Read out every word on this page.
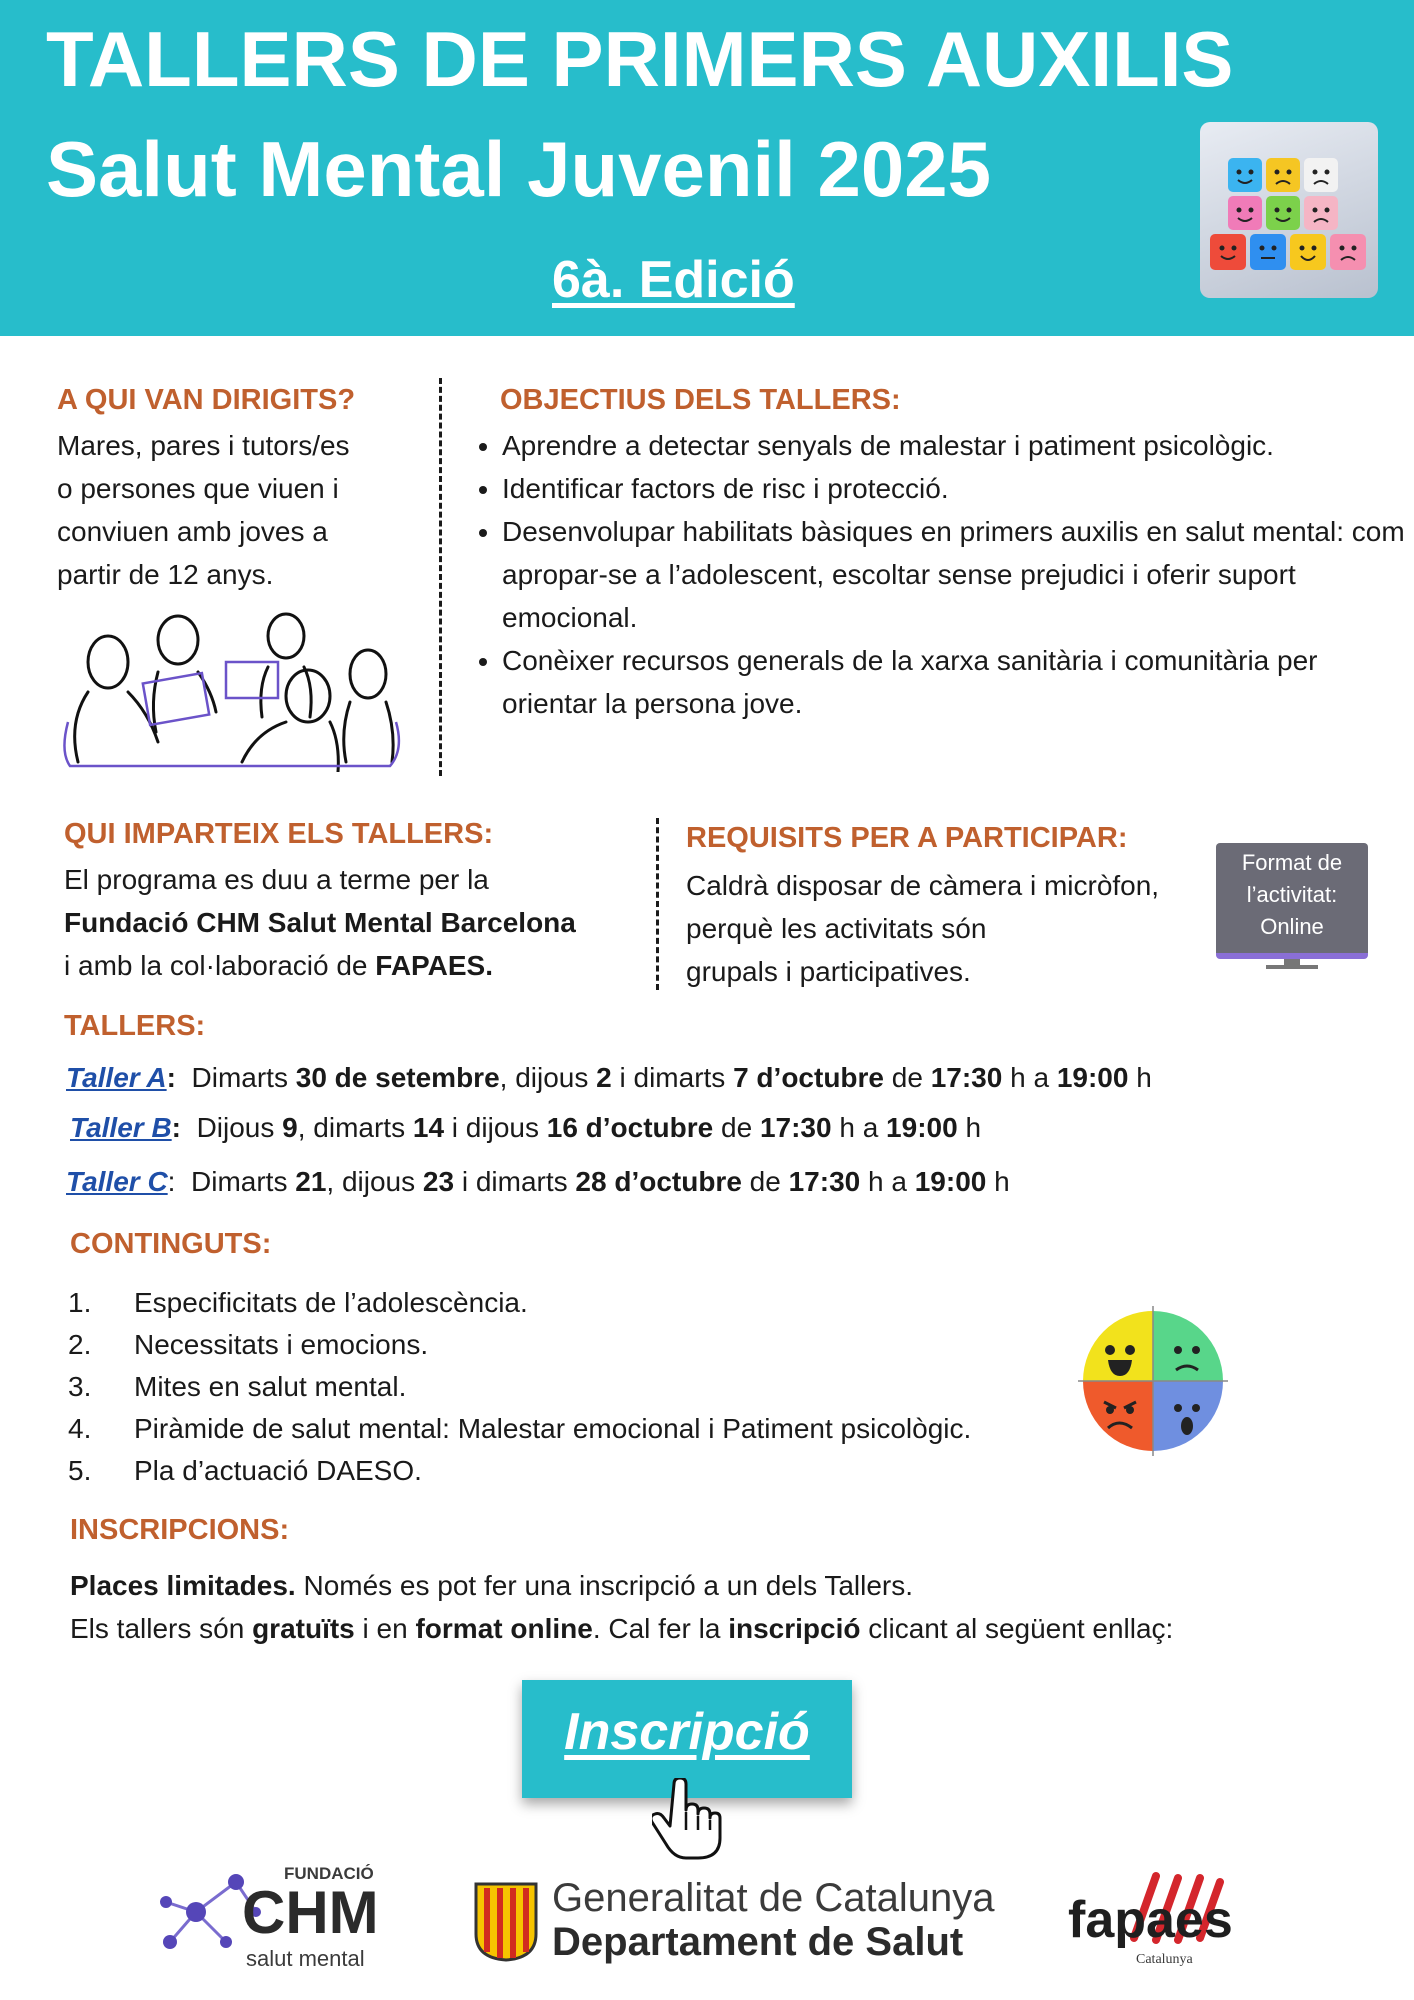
TALLERS DE PRIMERS AUXILIS
Salut Mental Juvenil 2025
6à. Edició
A QUI VAN DIRIGITS?
Mares, pares i tutors/es
o persones que viuen i
conviuen amb joves a
partir de 12 anys.
OBJECTIUS DELS TALLERS:
• Aprendre a detectar senyals de malestar i patiment psicològic.
• Identificar factors de risc i protecció.
• Desenvolupar habilitats bàsiques en primers auxilis en salut mental: com apropar-se a l’adolescent, escoltar sense prejudici i oferir suport emocional.
• Conèixer recursos generals de la xarxa sanitària i comunitària per orientar la persona jove.
QUI IMPARTEIX ELS TALLERS:
El programa es duu a terme per la
Fundació CHM Salut Mental Barcelona
i amb la col·laboració de FAPAES.
REQUISITS PER A PARTICIPAR:
Caldrà disposar de càmera i micròfon,
perquè les activitats són
grupals i participatives.
Format de
l’activitat:
Online
TALLERS:
Taller A: Dimarts 30 de setembre, dijous 2 i dimarts 7 d’octubre de 17:30 h a 19:00 h
Taller B: Dijous 9, dimarts 14 i dijous 16 d’octubre de 17:30 h a 19:00 h
Taller C: Dimarts 21, dijous 23 i dimarts 28 d’octubre de 17:30 h a 19:00 h
CONTINGUTS:
1.	Especificitats de l’adolescència.
2.	Necessitats i emocions.
3.	Mites en salut mental.
4.	Piràmide de salut mental: Malestar emocional i Patiment psicològic.
5.	Pla d’actuació DAESO.
INSCRIPCIONS:
Places limitades. Només es pot fer una inscripció a un dels Tallers.
Els tallers són gratuïts i en format online. Cal fer la inscripció clicant al següent enllaç:
Inscripció
FUNDACIÓ
CHM
salut mental
Generalitat de Catalunya
Departament de Salut fapaes
Catalunya
